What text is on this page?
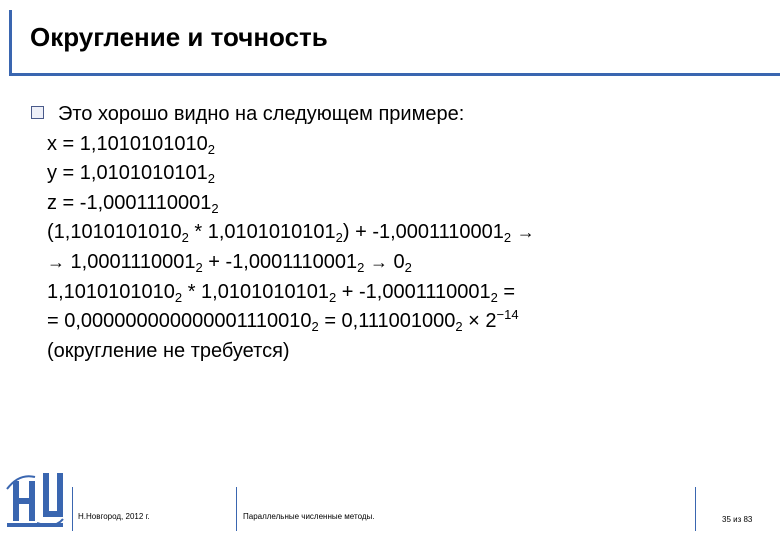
Округление и точность
Это хорошо видно на следующем примере:
$x = 1,1010101010_2$
$y = 1,0101010101_2$
$z = -1,0001110001_2$
$(1,1010101010_2 * 1,0101010101_2) + -1,0001110001_2$ →
→ $1,0001110001_2 + -1,0001110001_2 \to 0_2$
$1,1010101010_2 * 1,0101010101_2 + -1,0001110001_2$ =
= $0,000000000000001110010_2 = 0,111001000_2 \times 2^{-14}$
(округление не требуется)
Н.Новгород, 2012 г.	Параллельные численные методы.	35 из 83
